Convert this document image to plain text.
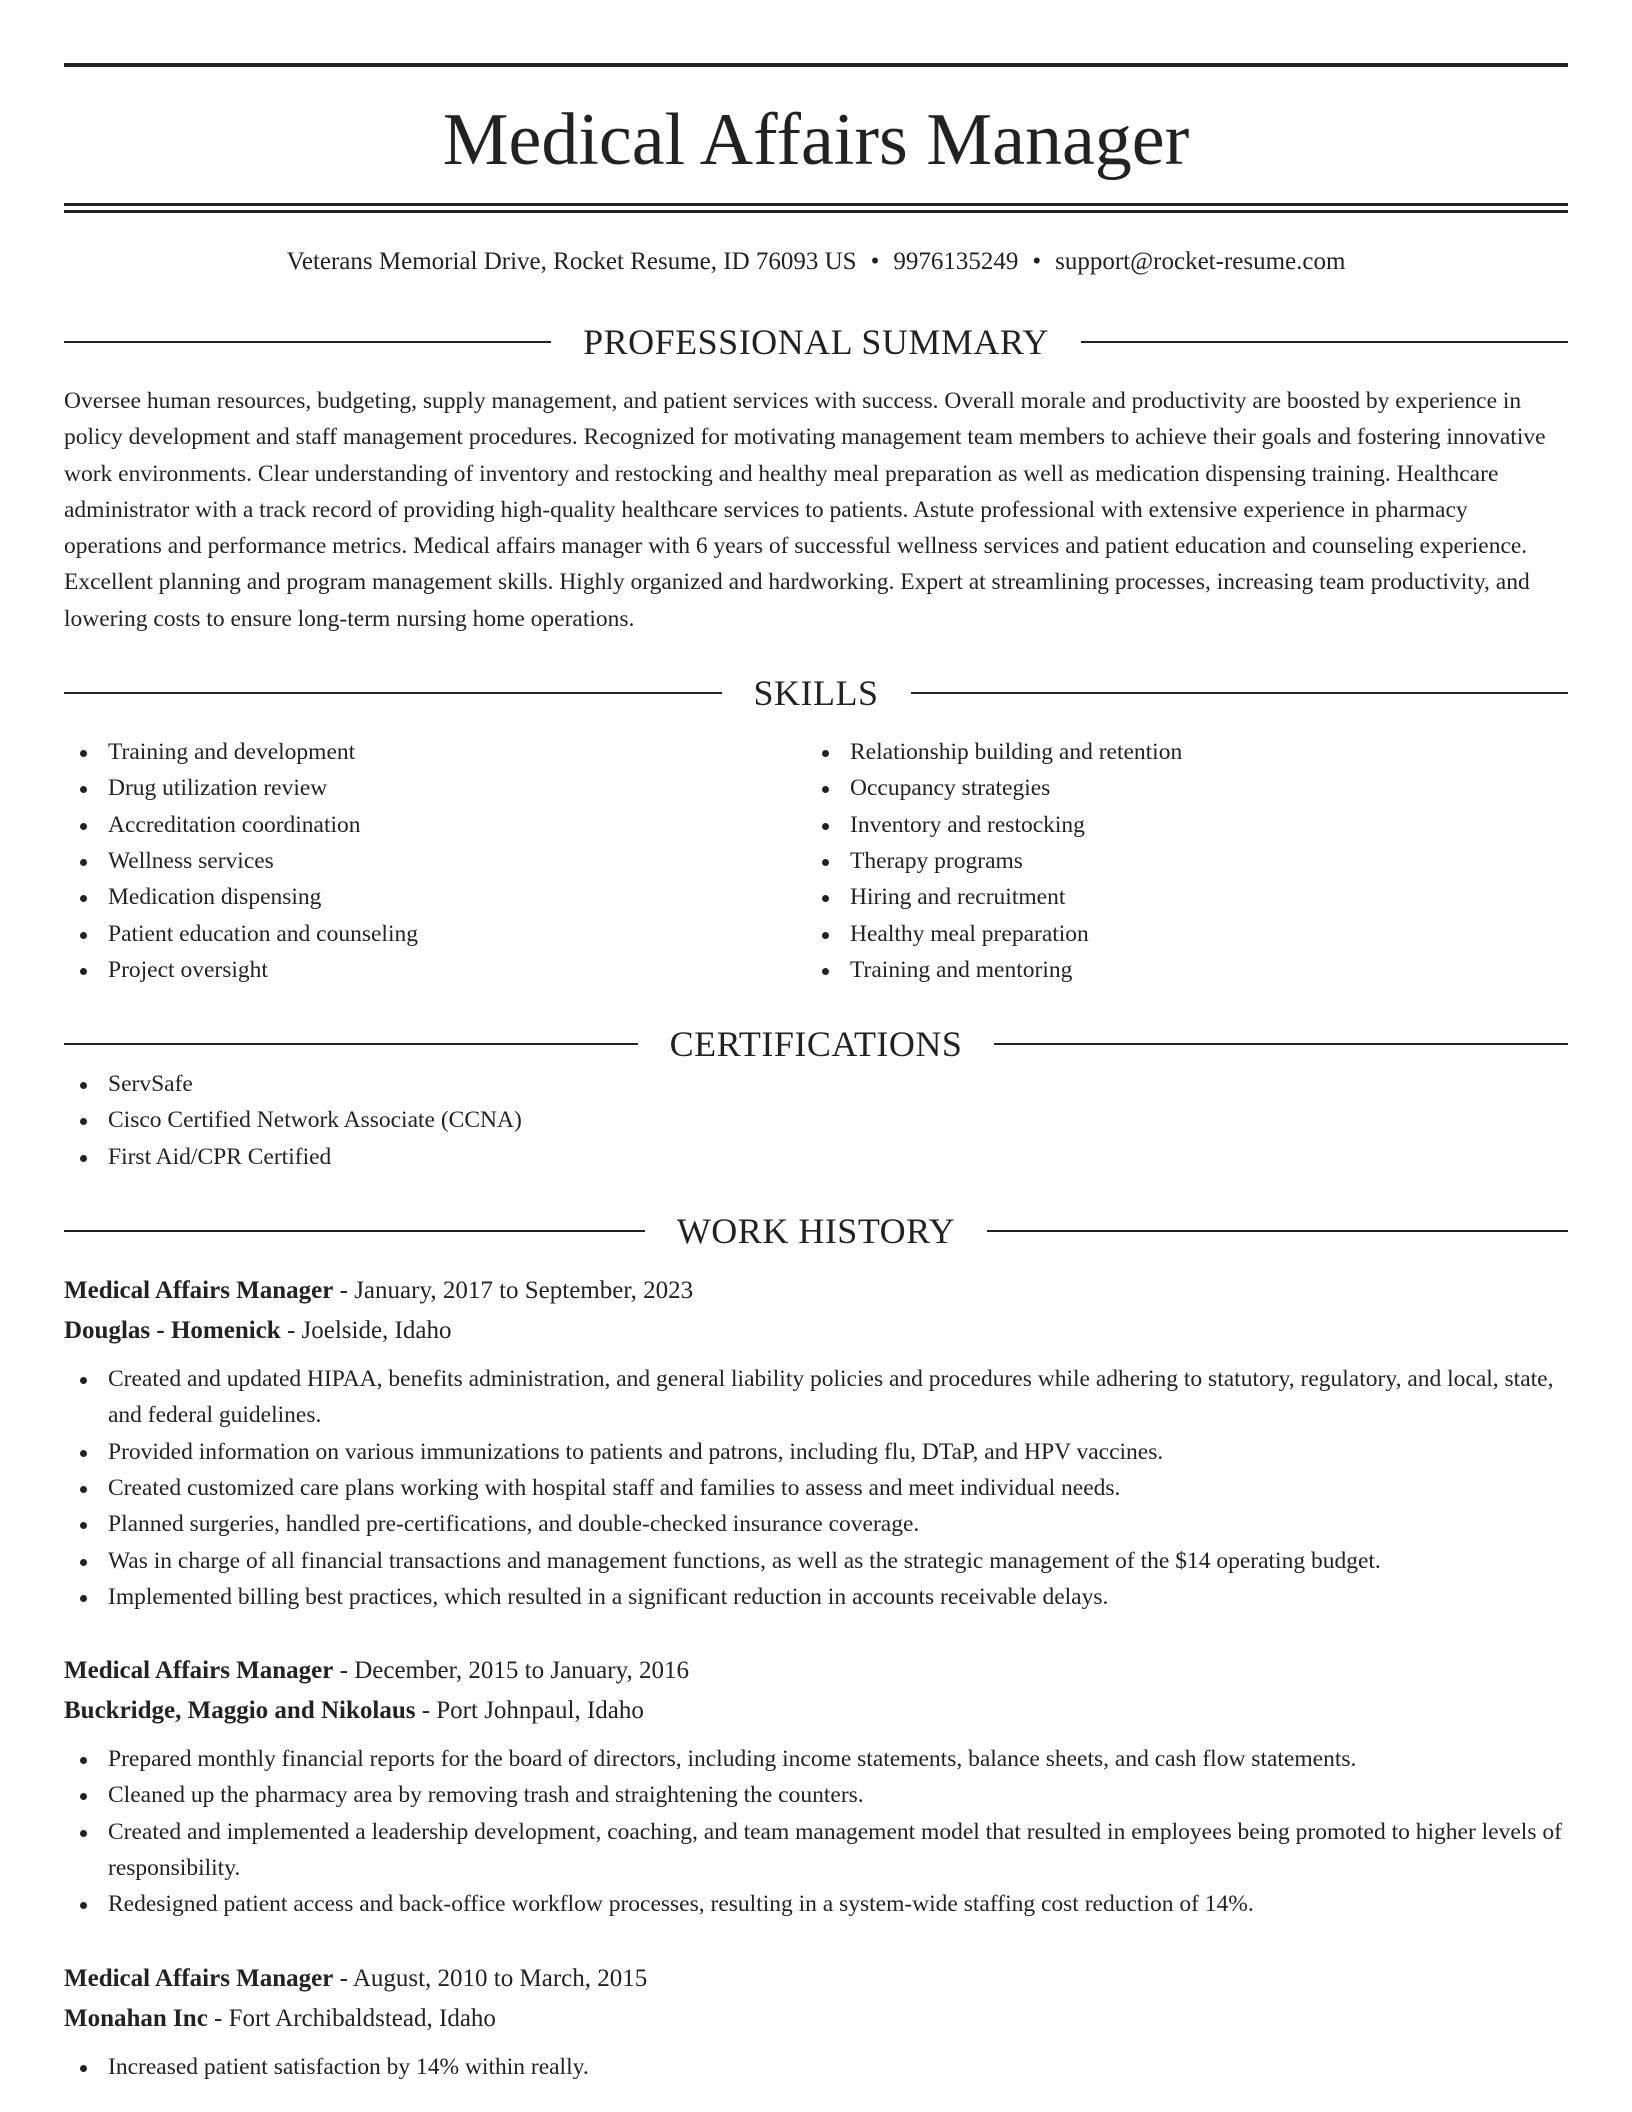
Medical Affairs Manager
Veterans Memorial Drive, Rocket Resume, ID 76093 US • 9976135249 • support@rocket-resume.com
PROFESSIONAL SUMMARY
Oversee human resources, budgeting, supply management, and patient services with success. Overall morale and productivity are boosted by experience in policy development and staff management procedures. Recognized for motivating management team members to achieve their goals and fostering innovative work environments. Clear understanding of inventory and restocking and healthy meal preparation as well as medication dispensing training. Healthcare administrator with a track record of providing high-quality healthcare services to patients. Astute professional with extensive experience in pharmacy operations and performance metrics. Medical affairs manager with 6 years of successful wellness services and patient education and counseling experience. Excellent planning and program management skills. Highly organized and hardworking. Expert at streamlining processes, increasing team productivity, and lowering costs to ensure long-term nursing home operations.
SKILLS
Training and development
Drug utilization review
Accreditation coordination
Wellness services
Medication dispensing
Patient education and counseling
Project oversight
Relationship building and retention
Occupancy strategies
Inventory and restocking
Therapy programs
Hiring and recruitment
Healthy meal preparation
Training and mentoring
CERTIFICATIONS
ServSafe
Cisco Certified Network Associate (CCNA)
First Aid/CPR Certified
WORK HISTORY
Medical Affairs Manager - January, 2017 to September, 2023
Douglas - Homenick - Joelside, Idaho
Created and updated HIPAA, benefits administration, and general liability policies and procedures while adhering to statutory, regulatory, and local, state, and federal guidelines.
Provided information on various immunizations to patients and patrons, including flu, DTaP, and HPV vaccines.
Created customized care plans working with hospital staff and families to assess and meet individual needs.
Planned surgeries, handled pre-certifications, and double-checked insurance coverage.
Was in charge of all financial transactions and management functions, as well as the strategic management of the $14 operating budget.
Implemented billing best practices, which resulted in a significant reduction in accounts receivable delays.
Medical Affairs Manager - December, 2015 to January, 2016
Buckridge, Maggio and Nikolaus - Port Johnpaul, Idaho
Prepared monthly financial reports for the board of directors, including income statements, balance sheets, and cash flow statements.
Cleaned up the pharmacy area by removing trash and straightening the counters.
Created and implemented a leadership development, coaching, and team management model that resulted in employees being promoted to higher levels of responsibility.
Redesigned patient access and back-office workflow processes, resulting in a system-wide staffing cost reduction of 14%.
Medical Affairs Manager - August, 2010 to March, 2015
Monahan Inc - Fort Archibaldstead, Idaho
Increased patient satisfaction by 14% within really.
